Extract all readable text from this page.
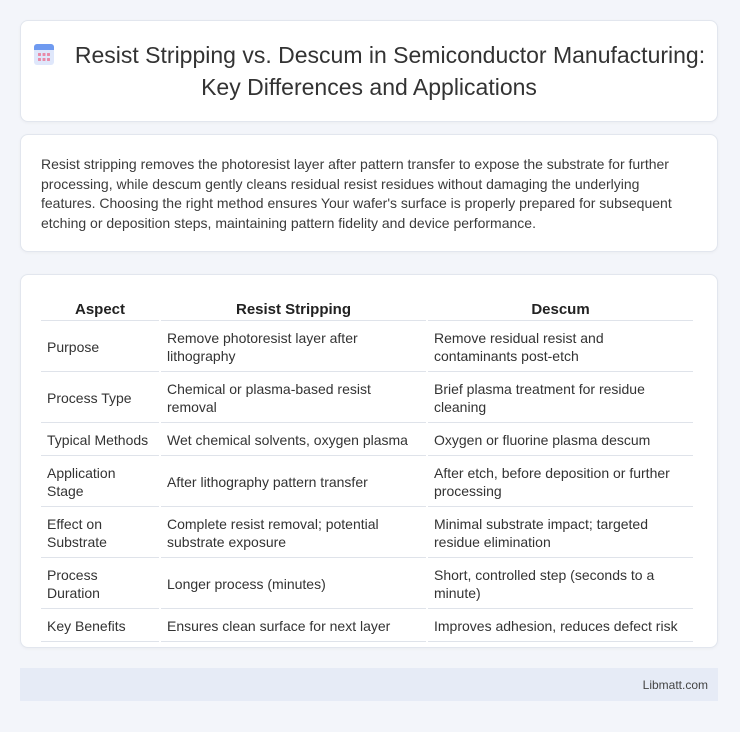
Resist Stripping vs. Descum in Semiconductor Manufacturing: Key Differences and Applications

Resist stripping removes the photoresist layer after pattern transfer to expose the substrate for further processing, while descum gently cleans residual resist residues without damaging the underlying features. Choosing the right method ensures Your wafer's surface is properly prepared for subsequent etching or deposition steps, maintaining pattern fidelity and device performance.

Aspect	Resist Stripping	Descum
Purpose	Remove photoresist layer after lithography	Remove residual resist and contaminants post-etch
Process Type	Chemical or plasma-based resist removal	Brief plasma treatment for residue cleaning
Typical Methods	Wet chemical solvents, oxygen plasma	Oxygen or fluorine plasma descum
Application Stage	After lithography pattern transfer	After etch, before deposition or further processing
Effect on Substrate	Complete resist removal; potential substrate exposure	Minimal substrate impact; targeted residue elimination
Process Duration	Longer process (minutes)	Short, controlled step (seconds to a minute)
Key Benefits	Ensures clean surface for next layer	Improves adhesion, reduces defect risk
Libmatt.com
